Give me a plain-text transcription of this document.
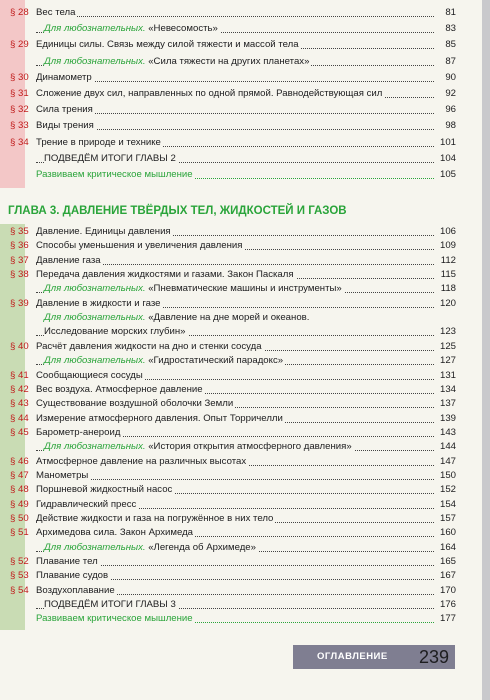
§ 28 Вес тела	81
Для любознательных. «Невесомость»	83
§ 29 Единицы силы. Связь между силой тяжести и массой тела	85
Для любознательных. «Сила тяжести на других планетах»	87
§ 30 Динамометр	90
§ 31 Сложение двух сил, направленных по одной прямой. Равнодействующая сил	92
§ 32 Сила трения	96
§ 33 Виды трения	98
§ 34 Трение в природе и технике	101
ПОДВЕДЁМ ИТОГИ ГЛАВЫ 2	104
Развиваем критическое мышление	105
ГЛАВА 3. ДАВЛЕНИЕ ТВЁРДЫХ ТЕЛ, ЖИДКОСТЕЙ И ГАЗОВ
§ 35 Давление. Единицы давления	106
§ 36 Способы уменьшения и увеличения давления	109
§ 37 Давление газа	112
§ 38 Передача давления жидкостями и газами. Закон Паскаля	115
Для любознательных. «Пневматические машины и инструменты»	118
§ 39 Давление в жидкости и газе	120
Для любознательных. «Давление на дне морей и океанов.
Исследование морских глубин»	123
§ 40 Расчёт давления жидкости на дно и стенки сосуда	125
Для любознательных. «Гидростатический парадокс»	127
§ 41 Сообщающиеся сосуды	131
§ 42 Вес воздуха. Атмосферное давление	134
§ 43 Существование воздушной оболочки Земли	137
§ 44 Измерение атмосферного давления. Опыт Торричелли	139
§ 45 Барометр-анероид	143
Для любознательных. «История открытия атмосферного давления»	144
§ 46 Атмосферное давление на различных высотах	147
§ 47 Манометры	150
§ 48 Поршневой жидкостный насос	152
§ 49 Гидравлический пресс	154
§ 50 Действие жидкости и газа на погружённое в них тело	157
§ 51 Архимедова сила. Закон Архимеда	160
Для любознательных. «Легенда об Архимеде»	164
§ 52 Плавание тел	165
§ 53 Плавание судов	167
§ 54 Воздухоплавание	170
ПОДВЕДЁМ ИТОГИ ГЛАВЫ 3	176
Развиваем критическое мышление	177
ОГЛАВЛЕНИЕ 239
